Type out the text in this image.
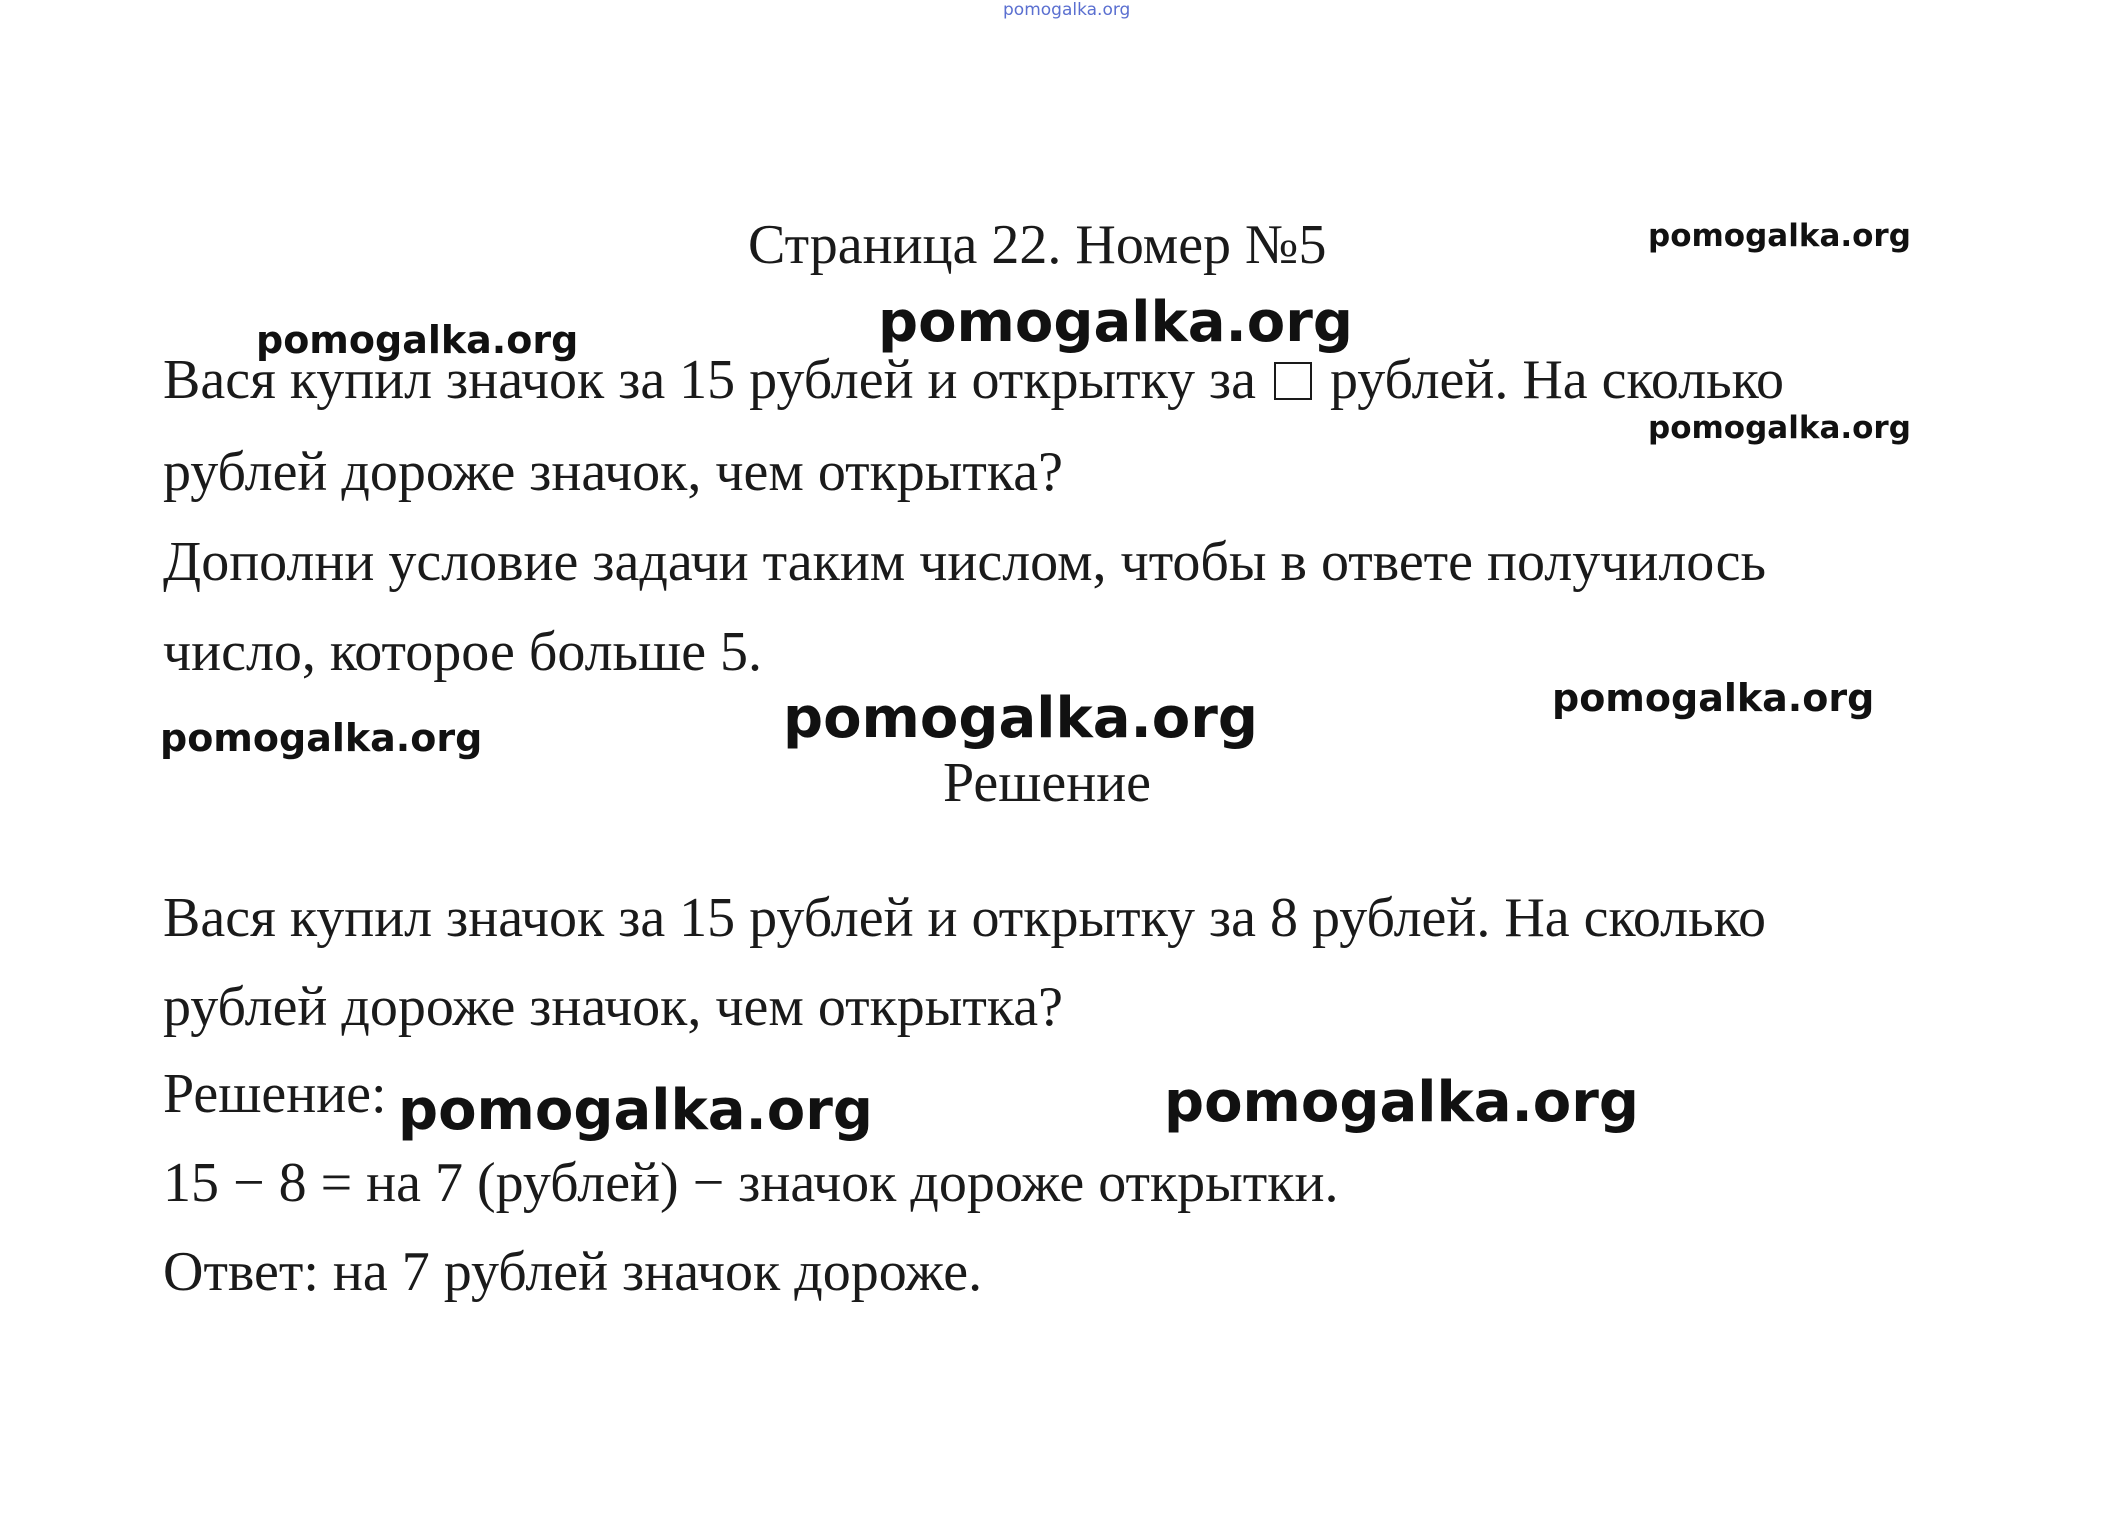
pomogalka.org
Страница 22. Номер №5
Вася купил значок за 15 рублей и открытку за рублей. На сколько
рублей дороже значок, чем открытка?
Дополни условие задачи таким числом, чтобы в ответе получилось
число, которое больше 5.
Решение
Вася купил значок за 15 рублей и открытку за 8 рублей. На сколько
рублей дороже значок, чем открытка?
Решение:
15 − 8 = на 7 (рублей) − значок дороже открытки.
Ответ: на 7 рублей значок дороже.
pomogalka.org
pomogalka.org	pomogalka.org
pomogalka.org
pomogalka.org
pomogalka.org	pomogalka.org
pomogalka.org	pomogalka.org
